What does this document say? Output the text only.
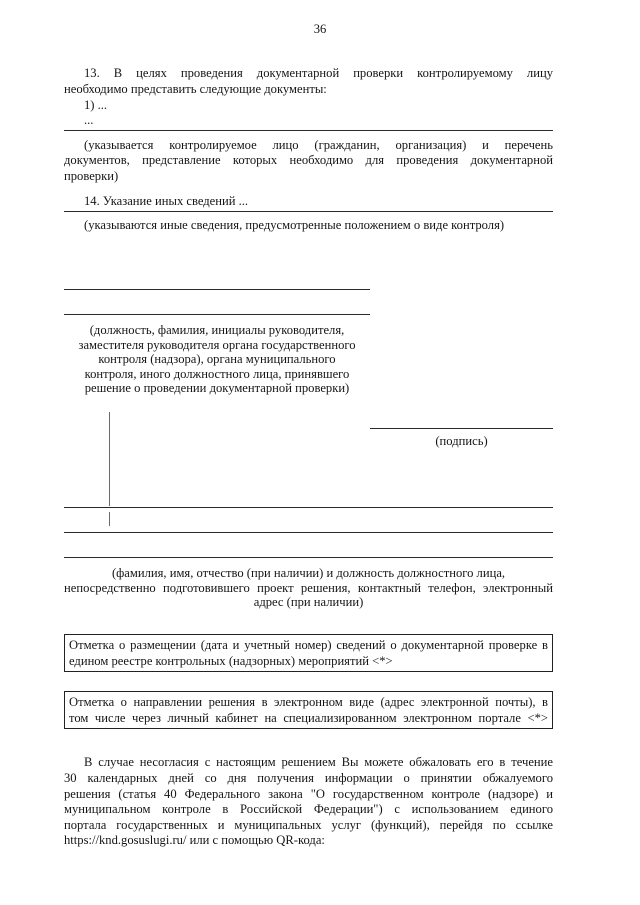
36

13. В целях проведения документарной проверки контролируемому лицу

необходимо представить следующие документы:
1) ...
...

(указывается контролируемое лицо (гражданин, организация) и перечень

документов, представление которых необходимо для проведения документарной

проверки)
14. Указание иных сведений ...
(указываются иные сведения, предусмотренные положением о виде контроля)

(должность, фамилия, инициалы руководителя,

заместителя руководителя органа государственного

контроля (надзора), органа муниципального

контроля, иного должностного лица, принявшего

решение о проведении документарной проверки)

(подпись)

(фамилия, имя, отчество (при наличии) и должность должностного лица,

непосредственно подготовившего проект решения, контактный телефон, электронный

адрес (при наличии)

Отметка о размещении (дата и учетный номер) сведений о документарной проверке в

едином реестре контрольных (надзорных) мероприятий <*>

Отметка о направлении решения в электронном виде (адрес электронной почты), в

том числе через личный кабинет на специализированном электронном портале <*>

В случае несогласия с настоящим решением Вы можете обжаловать его в течение

30 календарных дней со дня получения информации о принятии обжалуемого

решения (статья 40 Федерального закона "О государственном контроле (надзоре) и

муниципальном контроле в Российской Федерации") с использованием единого

портала государственных и муниципальных услуг (функций), перейдя по ссылке

https://knd.gosuslugi.ru/ или с помощью QR-кода:
